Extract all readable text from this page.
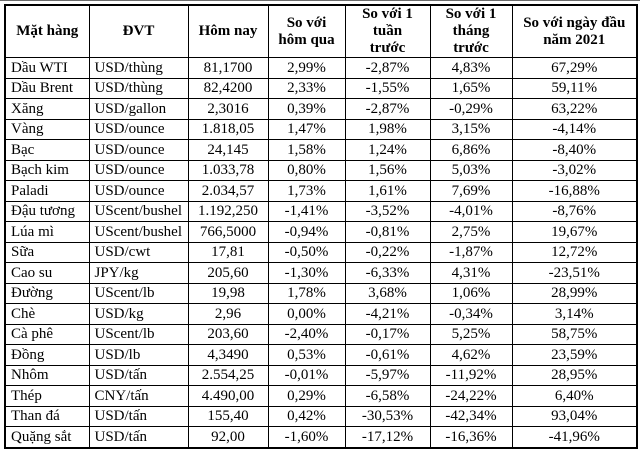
Mặt hàng	ĐVT	Hôm nay	So với hôm qua	So với 1 tuần trước	So với 1 tháng trước	So với ngày đầu năm 2021
Dầu WTI	USD/thùng	81,1700	2,99%	-2,87%	4,83%	67,29%
Dầu Brent	USD/thùng	82,4200	2,33%	-1,55%	1,65%	59,11%
Xăng	USD/gallon	2,3016	0,39%	-2,87%	-0,29%	63,22%
Vàng	USD/ounce	1.818,05	1,47%	1,98%	3,15%	-4,14%
Bạc	USD/ounce	24,145	1,58%	1,24%	6,86%	-8,40%
Bạch kim	USD/ounce	1.033,78	0,80%	1,56%	5,03%	-3,02%
Paladi	USD/ounce	2.034,57	1,73%	1,61%	7,69%	-16,88%
Đậu tương	UScent/bushel	1.192,250	-1,41%	-3,52%	-4,01%	-8,76%
Lúa mì	UScent/bushel	766,5000	-0,94%	-0,81%	2,75%	19,67%
Sữa	USD/cwt	17,81	-0,50%	-0,22%	-1,87%	12,72%
Cao su	JPY/kg	205,60	-1,30%	-6,33%	4,31%	-23,51%
Đường	UScent/lb	19,98	1,78%	3,68%	1,06%	28,99%
Chè	USD/kg	2,96	0,00%	-4,21%	-0,34%	3,14%
Cà phê	UScent/lb	203,60	-2,40%	-0,17%	5,25%	58,75%
Đồng	USD/lb	4,3490	0,53%	-0,61%	4,62%	23,59%
Nhôm	USD/tấn	2.554,25	-0,01%	-5,97%	-11,92%	28,95%
Thép	CNY/tấn	4.490,00	0,29%	-6,58%	-24,22%	6,40%
Than đá	USD/tấn	155,40	0,42%	-30,53%	-42,34%	93,04%
Quặng sắt	USD/tấn	92,00	-1,60%	-17,12%	-16,36%	-41,96%
